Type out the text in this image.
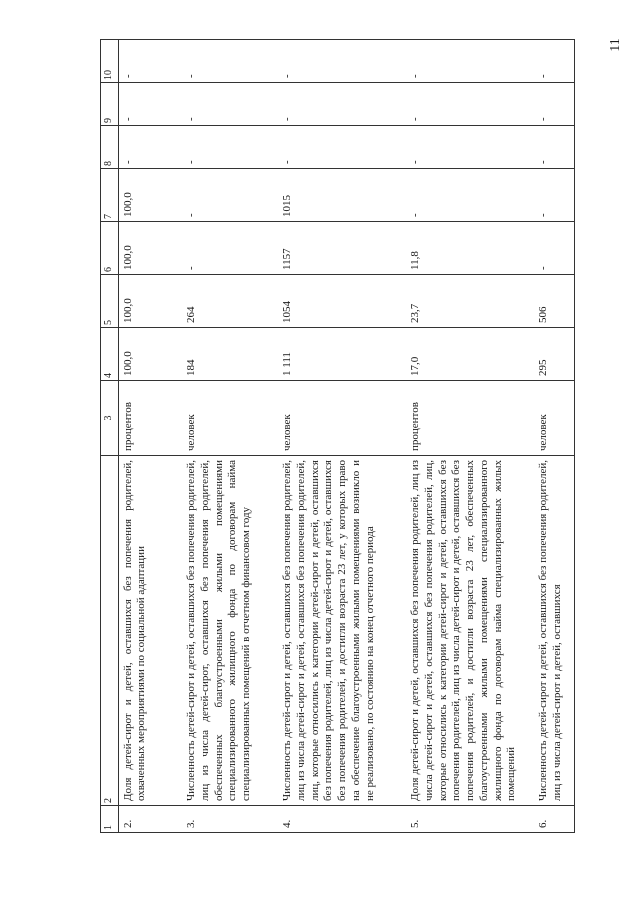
11
1	2	3	4	5	6	7	8	9	10
2.	Доля детей-сирот и детей, оставшихся без попечения родителей, охваченных мероприятиями по социальной адаптации	процентов	100,0	100,0	100,0	100,0	-	-	-
3.	Численность детей-сирот и детей, оставшихся без попечения родителей, лиц из числа детей-сирот, оставшихся без попечения родителей, обеспеченных благоустроенными жилыми помещениями специализированного жилищного фонда по договорам найма специализированных помещений в отчетном финансовом году	человек	184	264	-	-	-	-	-
4.	Численность детей-сирот и детей, оставшихся без попечения родителей, лиц из числа детей-сирот и детей, оставшихся без попечения родителей, лиц, которые относились к категории детей-сирот и детей, оставшихся без попечения родителей, лиц из числа детей-сирот и детей, оставшихся без попечения родителей, и достигли возраста 23 лет, у которых право на обеспечение благоустроенными жилыми помещениями возникло и не реализовано, по состоянию на конец отчетного периода	человек	1 111	1054	1157	1015	-	-	-
5.	Доля детей-сирот и детей, оставшихся без попечения родителей, лиц из числа детей-сирот и детей, оставшихся без попечения родителей, лиц, которые относились к категории детей-сирот и детей, оставшихся без попечения родителей, лиц из числа детей-сирот и детей, оставшихся без попечения родителей, и достигли возраста 23 лет, обеспеченных благоустроенными жилыми помещениями специализированного жилищного фонда по договорам найма специализированных жилых помещений	процентов	17,0	23,7	11,8	-	-	-	-
6.	Численность детей-сирот и детей, оставшихся без попечения родителей, лиц из числа детей-сирот и детей, оставшихся	человек	295	506	-	-	-	-	-
